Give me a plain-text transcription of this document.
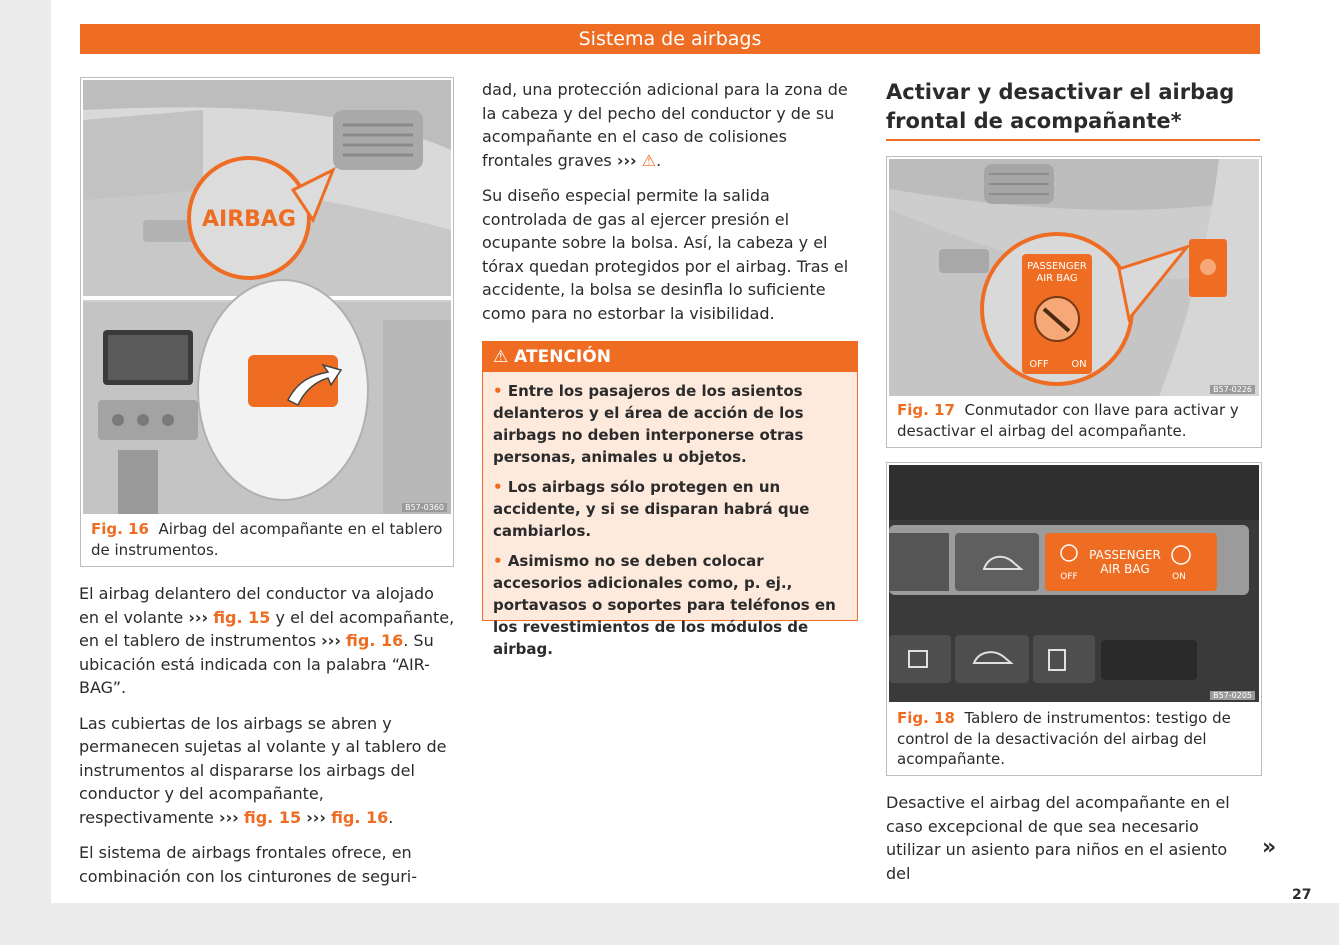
Sistema de airbags
AIRBAG
B57-0360
Fig. 16 Airbag del acompañante en el tablero de instrumentos.

El airbag delantero del conductor va alojado en el volante ››› fig. 15 y el del acompañante, en el tablero de instrumentos ››› fig. 16. Su ubicación está indicada con la palabra “AIR-BAG”.

Las cubiertas de los airbags se abren y permanecen sujetas al volante y al tablero de instrumentos al dispararse los airbags del conductor y del acompañante, respectivamente ››› fig. 15 ››› fig. 16.

El sistema de airbags frontales ofrece, en combinación con los cinturones de seguri-

dad, una protección adicional para la zona de la cabeza y del pecho del conductor y de su acompañante en el caso de colisiones frontales graves ››› ⚠.

Su diseño especial permite la salida controlada de gas al ejercer presión el ocupante sobre la bolsa. Así, la cabeza y el tórax quedan protegidos por el airbag. Tras el accidente, la bolsa se desinfla lo suficiente como para no estorbar la visibilidad.

⚠ ATENCIÓN
• Entre los pasajeros de los asientos delanteros y el área de acción de los airbags no deben interponerse otras personas, animales u objetos.
• Los airbags sólo protegen en un accidente, y si se disparan habrá que cambiarlos.
• Asimismo no se deben colocar accesorios adicionales como, p. ej., portavasos o soportes para teléfonos en los revestimientos de los módulos de airbag.
Activar y desactivar el airbag frontal de acompañante*
PASSENGER
AIR BAG
OFF ON
B57-0226
Fig. 17 Conmutador con llave para activar y desactivar el airbag del acompañante.
PASSENGER
AIR BAG
OFF	ON
B57-0205
Fig. 18 Tablero de instrumentos: testigo de control de la desactivación del airbag del acompañante.

Desactive el airbag del acompañante en el caso excepcional de que sea necesario utilizar un asiento para niños en el asiento del

»
27
